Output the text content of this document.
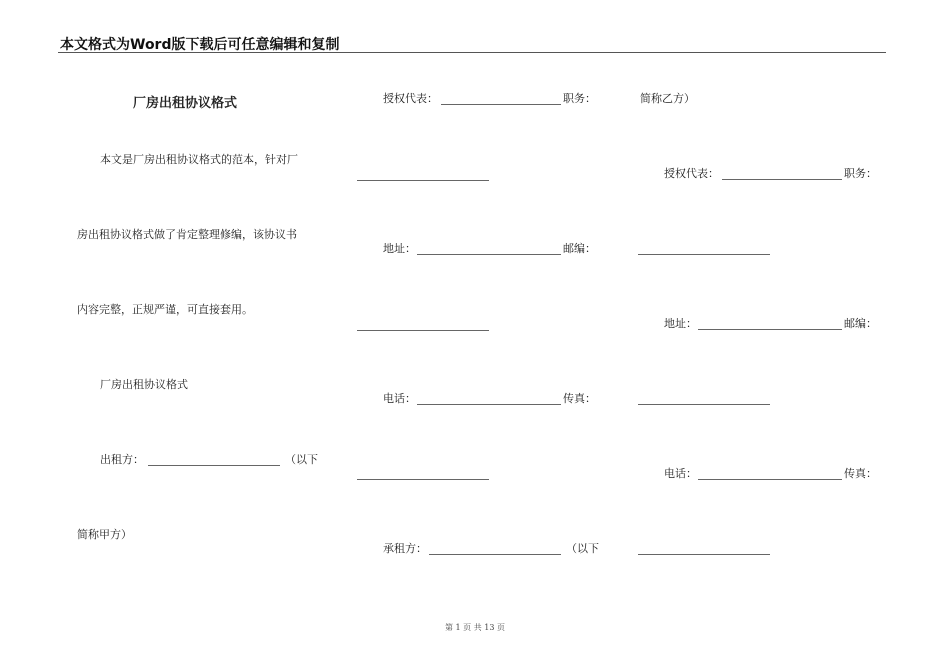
本文格式为Word版下载后可任意编辑和复制
厂房出租协议格式
本文是厂房出租协议格式的范本，针对厂
房出租协议格式做了肯定整理修编，该协议书
内容完整，正规严谨，可直接套用。
厂房出租协议格式
出租方：	（以下
简称甲方）
授权代表：	职务：
地址：	邮编：
电话：	传真：
承租方：	（以下
简称乙方）
授权代表：	职务：
地址：	邮编：
电话：	传真：
第 1 页 共 13 页
